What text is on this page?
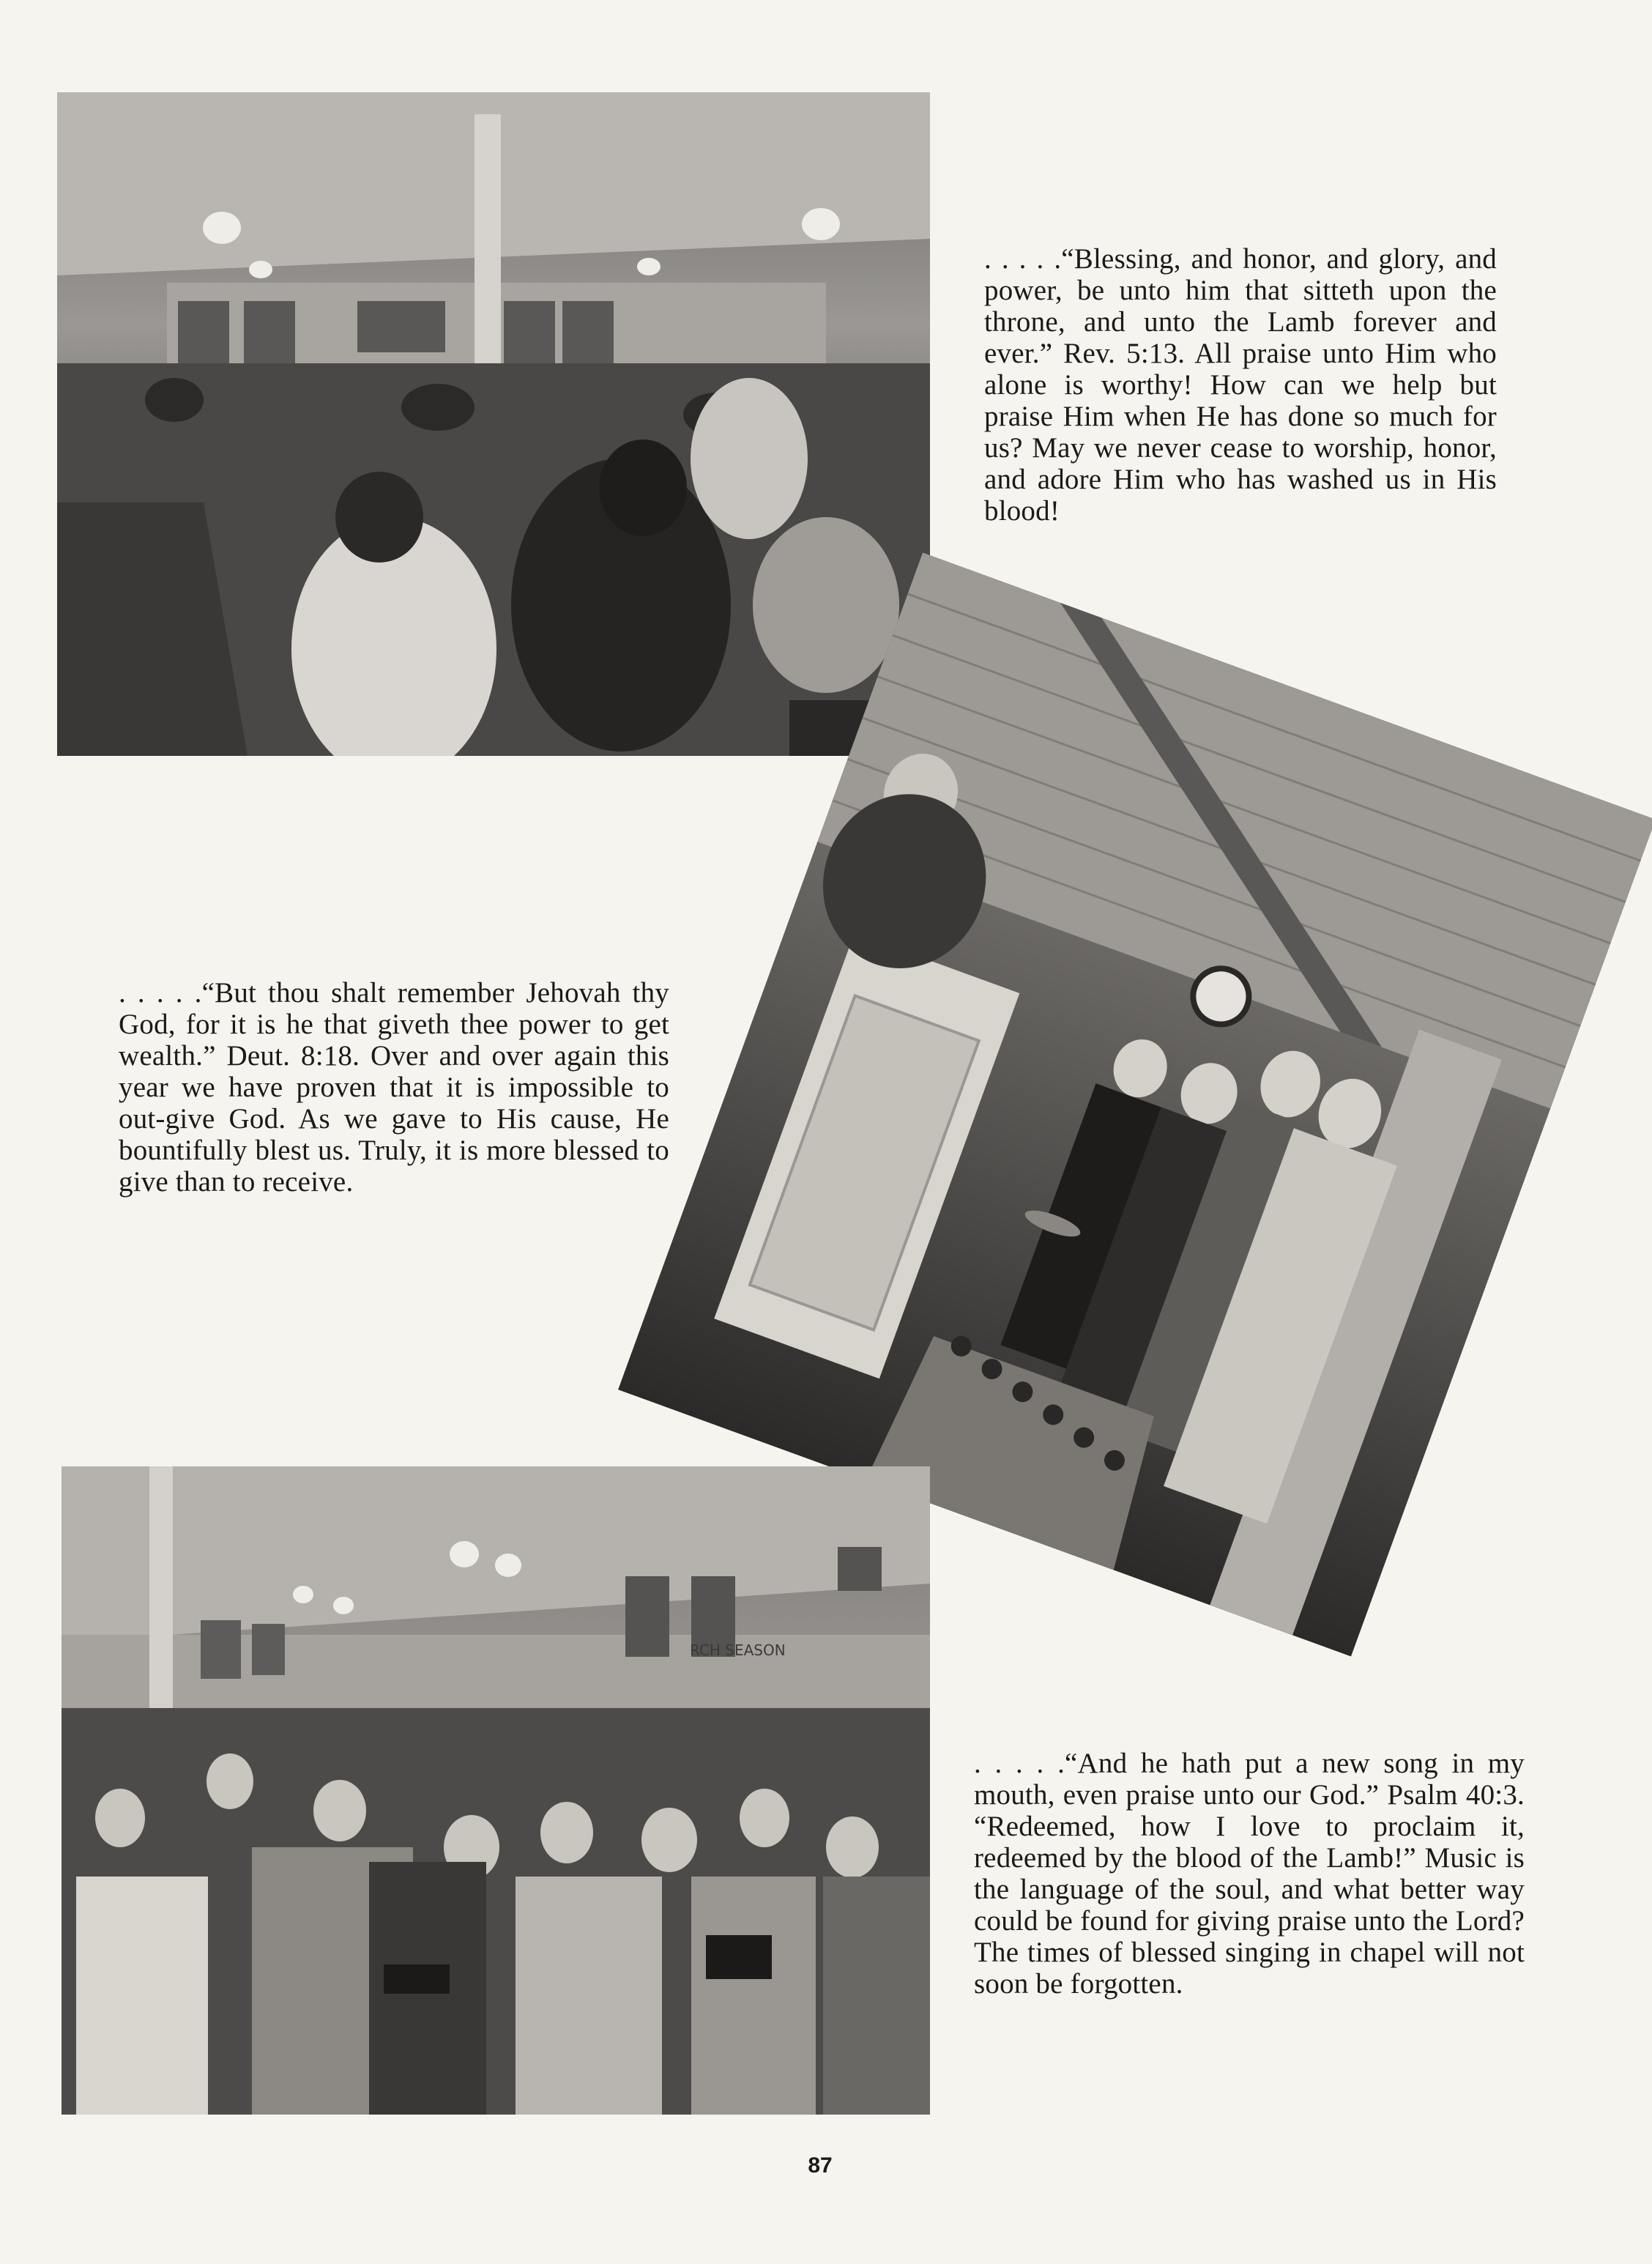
. . . . .“Blessing, and honor, and glory, and power, be unto him that sitteth upon the throne, and unto the Lamb forever and ever.” Rev. 5:13. All praise unto Him who alone is worthy! How can we help but praise Him when He has done so much for us? May we never cease to worship, honor, and adore Him who has washed us in His blood!

. . . . .“But thou shalt remember Jehovah thy God, for it is he that giveth thee power to get wealth.” Deut. 8:18. Over and over again this year we have proven that it is impossible to out-give God. As we gave to His cause, He bountifully blest us. Truly, it is more blessed to give than to receive.

RCH SEASON

. . . . .“And he hath put a new song in my mouth, even praise unto our God.” Psalm 40:3. “Redeemed, how I love to proclaim it, redeemed by the blood of the Lamb!” Music is the language of the soul, and what better way could be found for giving praise unto the Lord? The times of blessed singing in chapel will not soon be forgotten.

87
